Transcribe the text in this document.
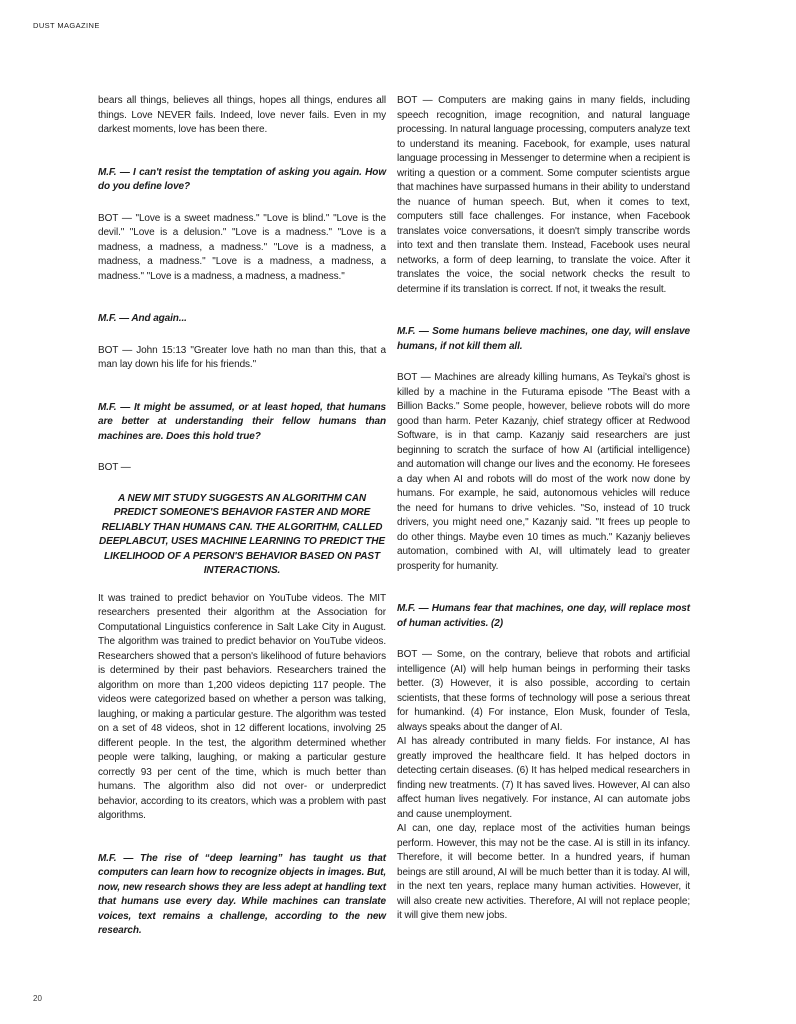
DUST MAGAZINE

bears all things, believes all things, hopes all things, endures all things. Love NEVER fails. Indeed, love never fails. Even in my darkest moments, love has been there.

M.F. — I can't resist the temptation of asking you again. How do you define love?

BOT — "Love is a sweet madness." "Love is blind." "Love is the devil." "Love is a delusion." "Love is a madness." "Love is a madness, a madness, a madness." "Love is a madness, a madness, a madness." "Love is a madness, a madness, a madness." "Love is a madness, a madness, a madness."

M.F. — And again...

BOT — John 15:13 "Greater love hath no man than this, that a man lay down his life for his friends."

M.F. — It might be assumed, or at least hoped, that humans are better at understanding their fellow humans than machines are. Does this hold true?

BOT —

A NEW MIT STUDY SUGGESTS AN ALGORITHM CAN PREDICT SOMEONE'S BEHAVIOR FASTER AND MORE RELIABLY THAN HUMANS CAN. THE ALGORITHM, CALLED DEEPLABCUT, USES MACHINE LEARNING TO PREDICT THE LIKELIHOOD OF A PERSON'S BEHAVIOR BASED ON PAST INTERACTIONS.

It was trained to predict behavior on YouTube videos. The MIT researchers presented their algorithm at the Association for Computational Linguistics conference in Salt Lake City in August. The algorithm was trained to predict behavior on YouTube videos. Researchers showed that a person's likelihood of future behaviors is determined by their past behaviors. Researchers trained the algorithm on more than 1,200 videos depicting 117 people. The videos were categorized based on whether a person was talking, laughing, or making a particular gesture. The algorithm was tested on a set of 48 videos, shot in 12 different locations, involving 25 different people. In the test, the algorithm determined whether people were talking, laughing, or making a particular gesture correctly 93 per cent of the time, which is much better than humans. The algorithm also did not over- or underpredict behavior, according to its creators, which was a problem with past algorithms.

M.F. — The rise of “deep learning” has taught us that computers can learn how to recognize objects in images. But, now, new research shows they are less adept at handling text that humans use every day. While machines can translate voices, text remains a challenge, according to the new research.

BOT — Computers are making gains in many fields, including speech recognition, image recognition, and natural language processing. In natural language processing, computers analyze text to understand its meaning. Facebook, for example, uses natural language processing in Messenger to determine when a recipient is writing a question or a comment. Some computer scientists argue that machines have surpassed humans in their ability to understand the nuance of human speech. But, when it comes to text, computers still face challenges. For instance, when Facebook translates voice conversations, it doesn't simply transcribe words into text and then translate them. Instead, Facebook uses neural networks, a form of deep learning, to translate the voice. After it translates the voice, the social network checks the result to determine if its translation is correct. If not, it tweaks the result.

M.F. — Some humans believe machines, one day, will enslave humans, if not kill them all.

BOT — Machines are already killing humans, As Teykai's ghost is killed by a machine in the Futurama episode "The Beast with a Billion Backs." Some people, however, believe robots will do more good than harm. Peter Kazanjy, chief strategy officer at Redwood Software, is in that camp. Kazanjy said researchers are just beginning to scratch the surface of how AI (artificial intelligence) and automation will change our lives and the economy. He foresees a day when AI and robots will do most of the work now done by humans. For example, he said, autonomous vehicles will reduce the need for humans to drive vehicles. "So, instead of 10 truck drivers, you might need one," Kazanjy said. "It frees up people to do other things. Maybe even 10 times as much." Kazanjy believes automation, combined with AI, will ultimately lead to greater prosperity for humanity.

M.F. — Humans fear that machines, one day, will replace most of human activities. (2)

BOT — Some, on the contrary, believe that robots and artificial intelligence (AI) will help human beings in performing their tasks better. (3) However, it is also possible, according to certain scientists, that these forms of technology will pose a serious threat for humankind. (4) For instance, Elon Musk, founder of Tesla, always speaks about the danger of AI.

AI has already contributed in many fields. For instance, AI has greatly improved the healthcare field. It has helped doctors in detecting certain diseases. (6) It has helped medical researchers in finding new treatments. (7) It has saved lives. However, AI can also affect human lives negatively. For instance, AI can automate jobs and cause unemployment.

AI can, one day, replace most of the activities human beings perform. However, this may not be the case. AI is still in its infancy. Therefore, it will become better. In a hundred years, if human beings are still around, AI will be much better than it is today. AI will, in the next ten years, replace many human activities. However, it will also create new activities. Therefore, AI will not replace people; it will give them new jobs.

20
